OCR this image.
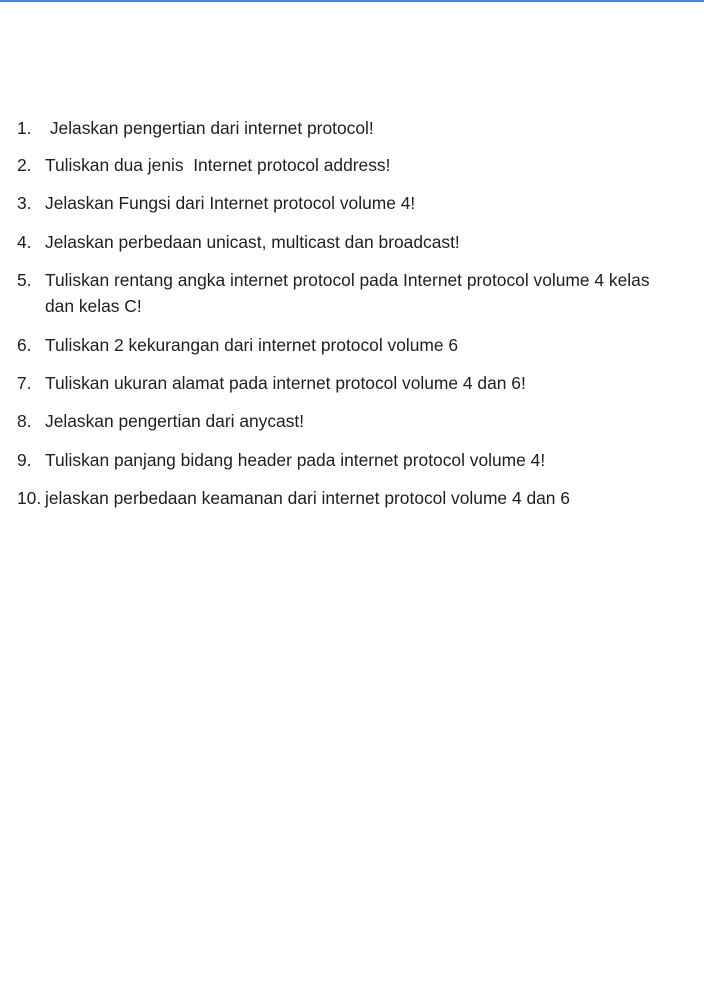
1. Jelaskan pengertian dari internet protocol!
2. Tuliskan dua jenis  Internet protocol address!
3. Jelaskan Fungsi dari Internet protocol volume 4!
4. Jelaskan perbedaan unicast, multicast dan broadcast!
5. Tuliskan rentang angka internet protocol pada Internet protocol volume 4 kelas
dan kelas C!
6. Tuliskan 2 kekurangan dari internet protocol volume 6
7. Tuliskan ukuran alamat pada internet protocol volume 4 dan 6!
8. Jelaskan pengertian dari anycast!
9. Tuliskan panjang bidang header pada internet protocol volume 4!
10. jelaskan perbedaan keamanan dari internet protocol volume 4 dan 6
